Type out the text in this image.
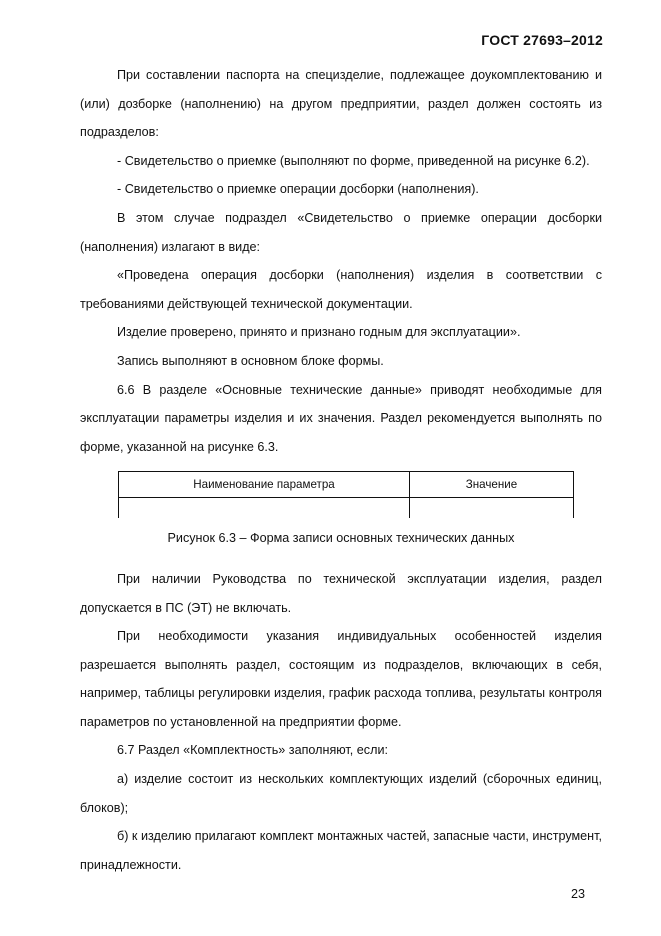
ГОСТ 27693–2012

При составлении паспорта на специзделие, подлежащее доукомплектованию и (или) дозборке (наполнению) на другом предприятии, раздел должен состоять из подразделов:

- Свидетельство о приемке (выполняют по форме, приведенной на рисунке 6.2).

- Свидетельство о приемке операции досборки (наполнения).

В этом случае подраздел «Свидетельство о приемке операции досборки (наполнения) излагают в виде:

«Проведена операция досборки (наполнения) изделия в соответствии с требованиями действующей технической документации.

Изделие проверено, принято и признано годным для эксплуатации».

Запись выполняют в основном блоке формы.

6.6 В разделе «Основные технические данные» приводят необходимые для эксплуатации параметры изделия и их значения. Раздел рекомендуется выполнять по форме, указанной на рисунке 6.3.

Наименование параметра	Значение

Рисунок 6.3 – Форма записи основных технических данных

При наличии Руководства по технической эксплуатации изделия, раздел допускается в ПС (ЭТ) не включать.

При необходимости указания индивидуальных особенностей изделия разрешается выполнять раздел, состоящим из подразделов, включающих в себя, например, таблицы регулировки изделия, график расхода топлива, результаты контроля параметров по установленной на предприятии форме.

6.7 Раздел «Комплектность» заполняют, если:

а) изделие состоит из нескольких комплектующих изделий (сборочных единиц, блоков);

б) к изделию прилагают комплект монтажных частей, запасные части, инструмент, принадлежности.

23
